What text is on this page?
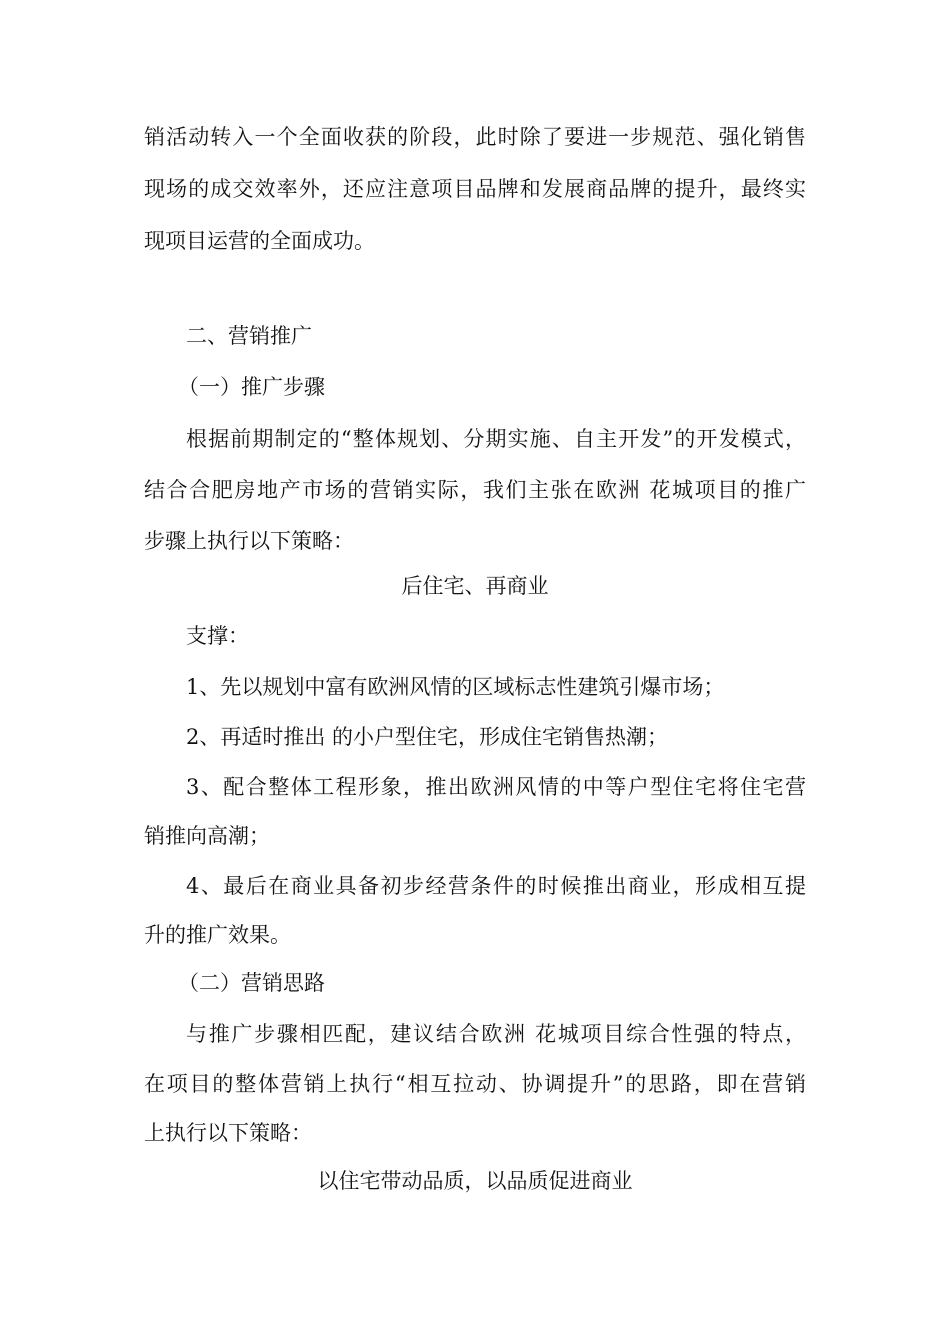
销活动转入一个全面收获的阶段，此时除了要进一步规范、强化销售
现场的成交效率外，还应注意项目品牌和发展商品牌的提升，最终实
现项目运营的全面成功。
二、营销推广
（一）推广步骤
根据前期制定的“整体规划、分期实施、自主开发”的开发模式，
结合合肥房地产市场的营销实际，我们主张在欧洲 花城项目的推广
步骤上执行以下策略：
后住宅、再商业
支撑：
1、先以规划中富有欧洲风情的区域标志性建筑引爆市场；
2、再适时推出 的小户型住宅，形成住宅销售热潮；
3、配合整体工程形象，推出欧洲风情的中等户型住宅将住宅营
销推向高潮；
4、最后在商业具备初步经营条件的时候推出商业，形成相互提
升的推广效果。
（二）营销思路
与推广步骤相匹配，建议结合欧洲 花城项目综合性强的特点，
在项目的整体营销上执行“相互拉动、协调提升”的思路，即在营销
上执行以下策略：
以住宅带动品质，以品质促进商业
